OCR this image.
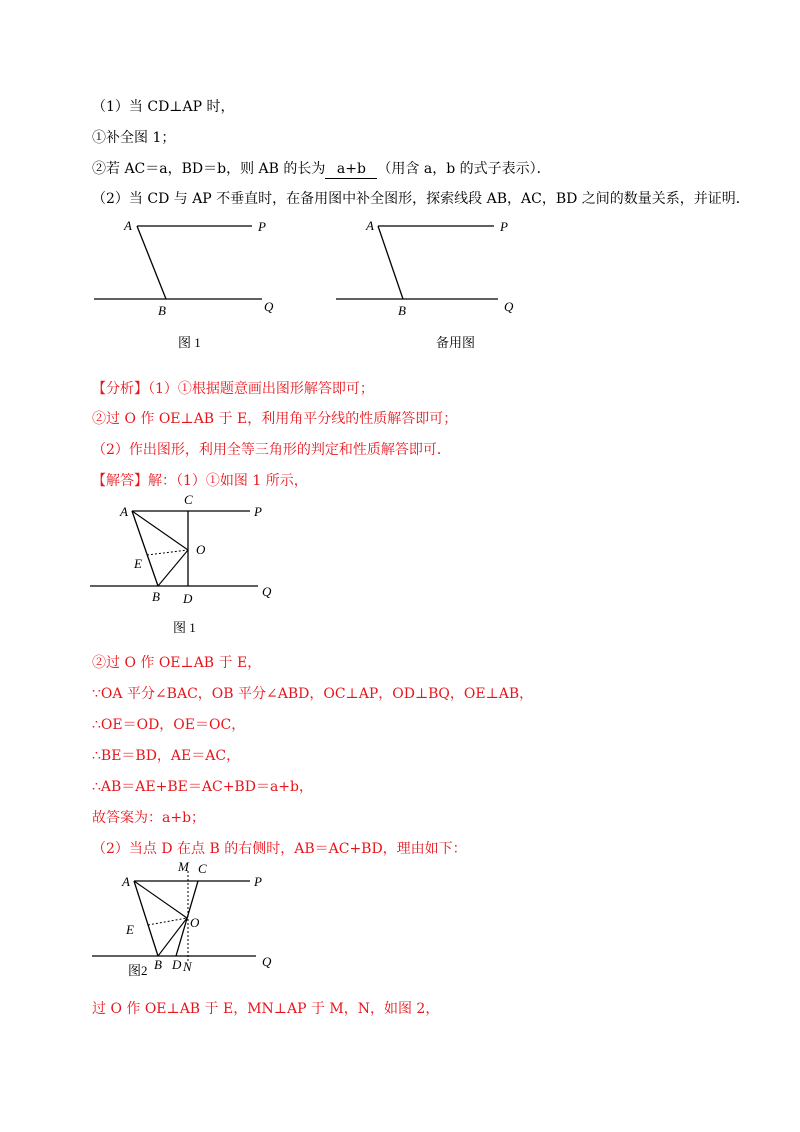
（1）当 CD⊥AP 时，
①补全图 1；
②若 AC＝a，BD＝b，则 AB 的长为 a+b （用含 a，b 的式子表示）．
（2）当 CD 与 AP 不垂直时，在备用图中补全图形，探索线段 AB，AC，BD 之间的数量关系，并证明．
A	P
B	Q
图 1
A	P
B	Q
备用图
【分析】（1）①根据题意画出图形解答即可；
②过 O 作 OE⊥AB 于 E，利用角平分线的性质解答即可；
（2）作出图形，利用全等三角形的判定和性质解答即可．
【解答】解：（1）①如图 1 所示，
A
C
P
O
E
B D	Q
图 1
②过 O 作 OE⊥AB 于 E，
∵OA 平分∠BAC，OB 平分∠ABD，OC⊥AP，OD⊥BQ，OE⊥AB，
∴OE＝OD，OE＝OC，
∴BE＝BD，AE＝AC，
∴AB＝AE+BE＝AC+BD＝a+b，
故答案为：a+b；
（2）当点 D 在点 B 的右侧时，AB＝AC+BD，理由如下：
A
M C
P
O
E
B D N	Q
图2
过 O 作 OE⊥AB 于 E，MN⊥AP 于 M，N，如图 2，
